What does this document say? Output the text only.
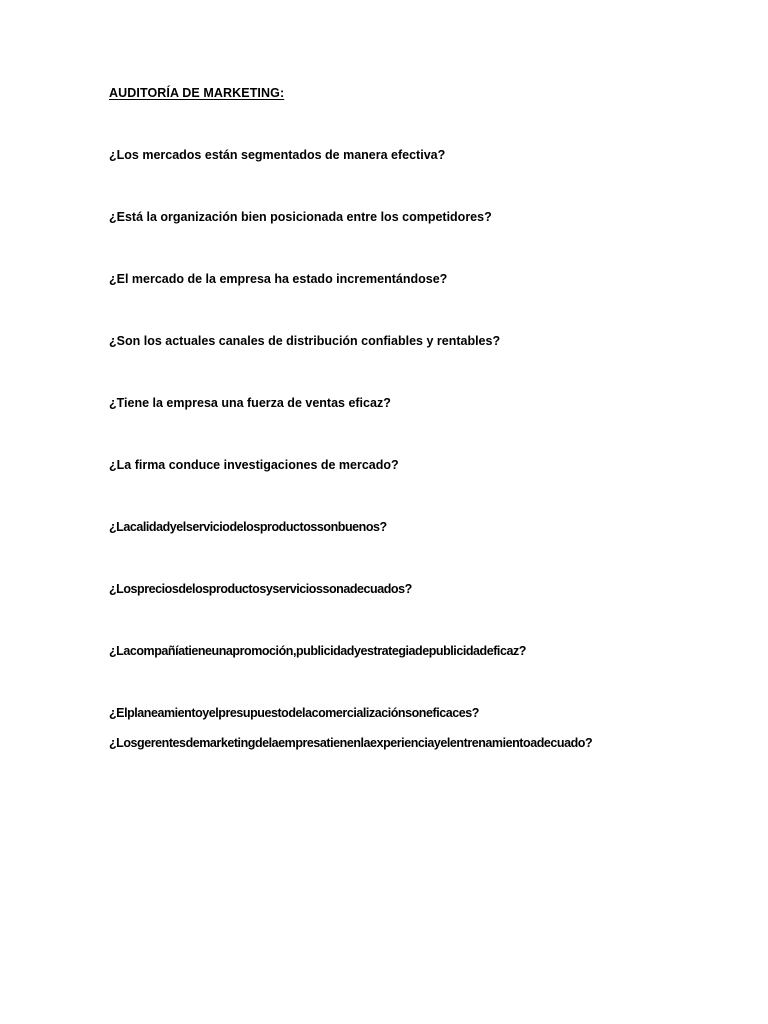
AUDITORÍA DE MARKETING:
¿Los mercados están segmentados de manera efectiva?
¿Está la organización bien posicionada entre los competidores?
¿El mercado de la empresa ha estado incrementándose?
¿Son los actuales canales de distribución confiables y rentables?
¿Tiene la empresa una fuerza de ventas eficaz?
¿La firma conduce investigaciones de mercado?
¿Lacalidadyelserviciodelosproductossonbuenos?
¿Lospreciosdelosproductosyserviciossonadecuados?
¿Lacompañíatieneunapromoción,publicidadyestrategiadepublicidadeficaz?
¿Elplaneamientoyelpresupuestodelacomercializaciónsoneficaces?
¿Losgerentesdemarketingdelaempresatienenlaexperienciayelentrenamientoadecuado?
